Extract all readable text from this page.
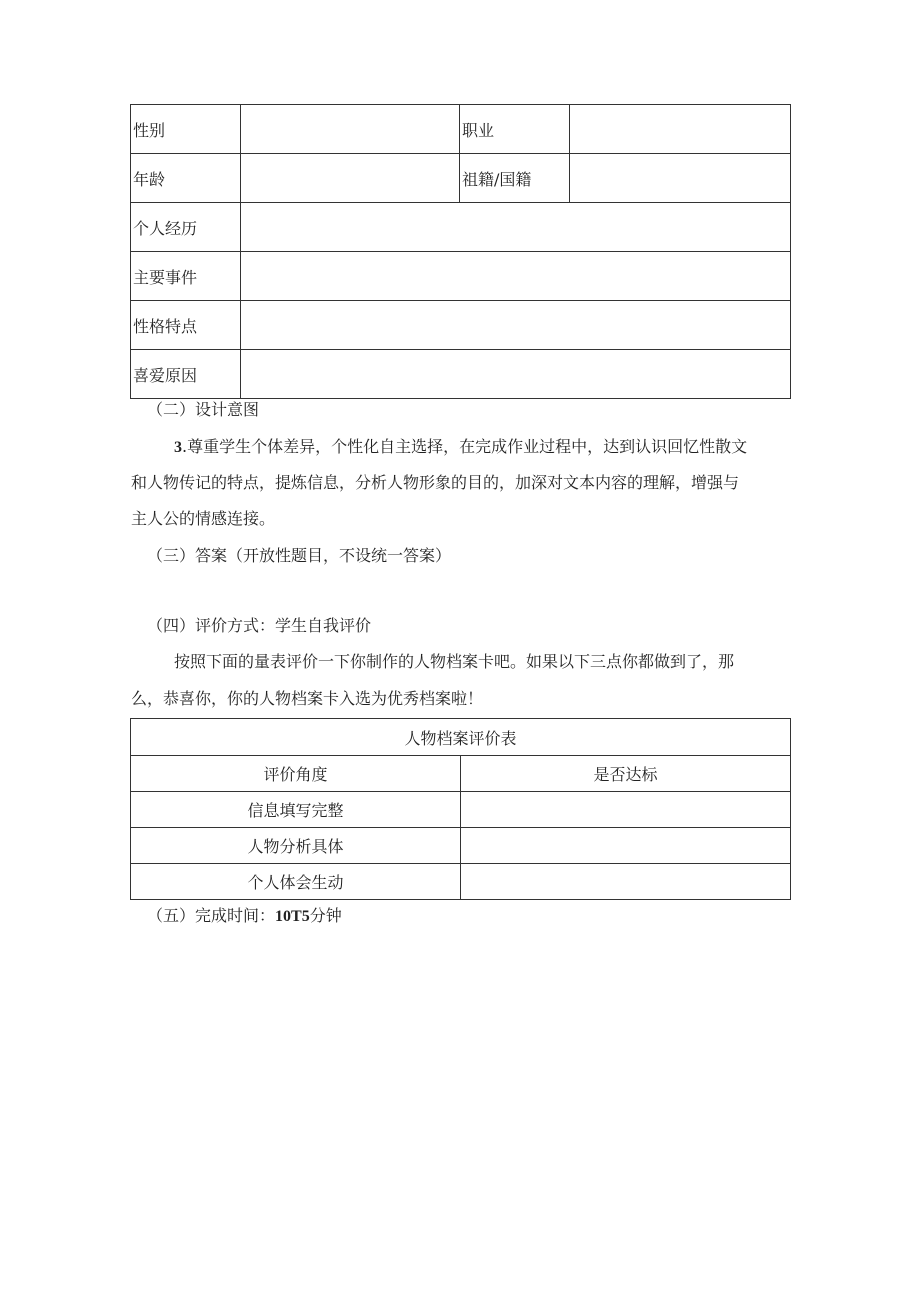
性别		职业	
年龄		祖籍/国籍	
个人经历			
主要事件			
性格特点			
喜爱原因			
（二）设计意图
3.尊重学生个体差异，个性化自主选择，在完成作业过程中，达到认识回忆性散文
和人物传记的特点，提炼信息，分析人物形象的目的，加深对文本内容的理解，增强与
主人公的情感连接。
（三）答案（开放性题目，不设统一答案）
（四）评价方式：学生自我评价
按照下面的量表评价一下你制作的人物档案卡吧。如果以下三点你都做到了，那
么，恭喜你，你的人物档案卡入选为优秀档案啦！
人物档案评价表	
评价角度	是否达标
信息填写完整	
人物分析具体	
个人体会生动	
（五）完成时间：10T5分钟
